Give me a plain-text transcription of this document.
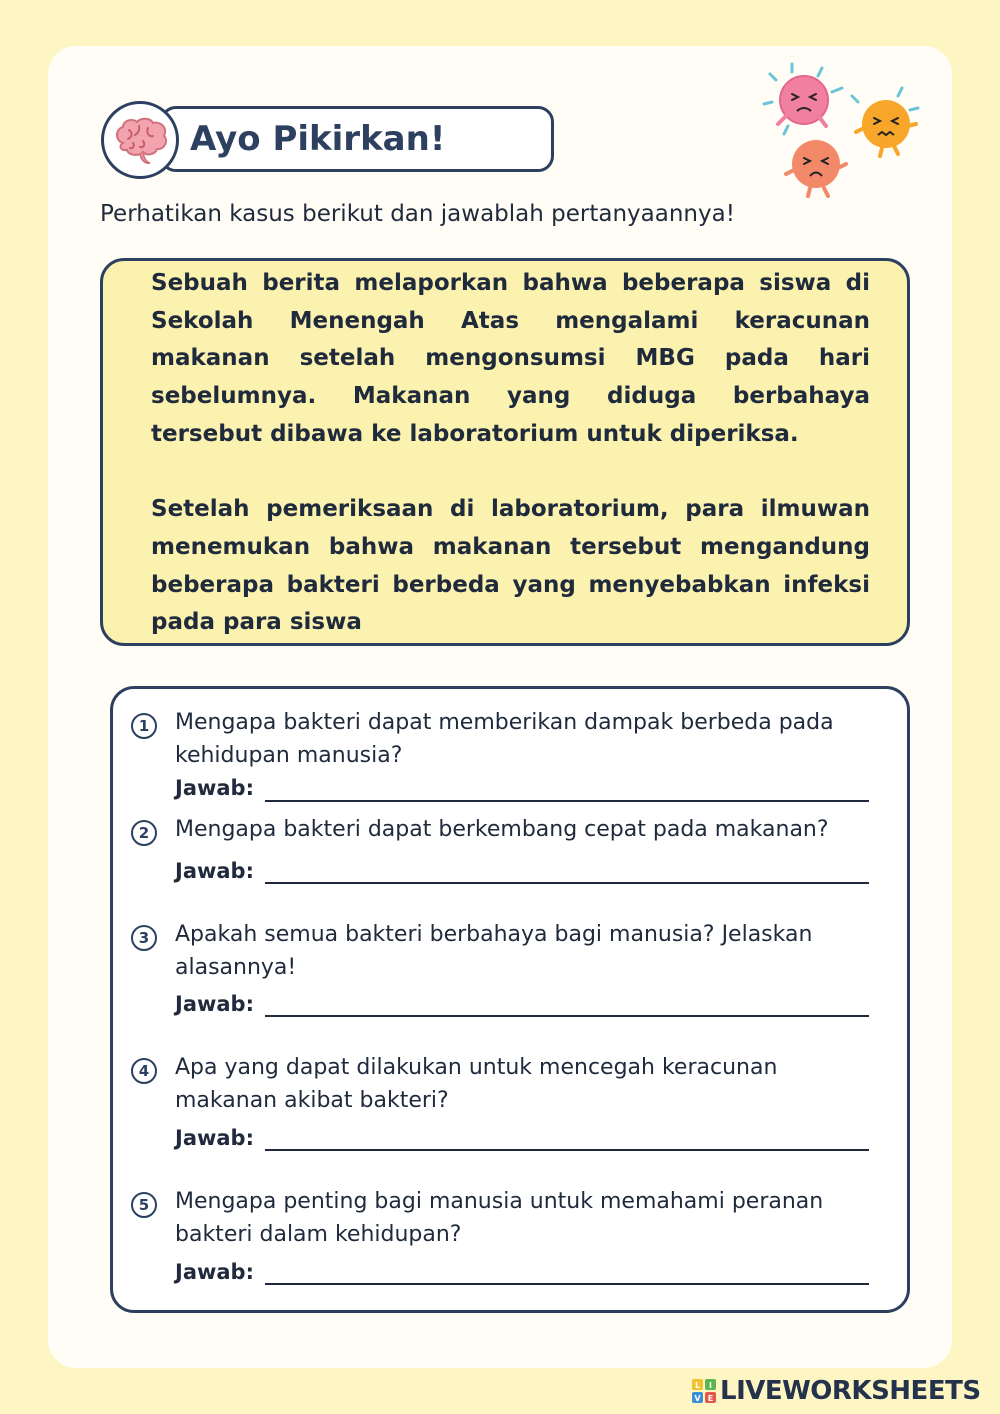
Ayo Pikirkan!
Perhatikan kasus berikut dan jawablah pertanyaannya!

Sebuah berita melaporkan bahwa beberapa siswa di Sekolah Menengah Atas mengalami keracunan makanan setelah mengonsumsi MBG pada hari sebelumnya. Makanan yang diduga berbahaya tersebut dibawa ke laboratorium untuk diperiksa.

Setelah pemeriksaan di laboratorium, para ilmuwan menemukan bahwa makanan tersebut mengandung beberapa bakteri berbeda yang menyebabkan infeksi pada para siswa

1	Mengapa bakteri dapat memberikan dampak berbeda pada kehidupan manusia?
Jawab:
2	Mengapa bakteri dapat berkembang cepat pada makanan?
Jawab:
3	Apakah semua bakteri berbahaya bagi manusia? Jelaskan alasannya!
Jawab:
4	Apa yang dapat dilakukan untuk mencegah keracunan makanan akibat bakteri?
Jawab:
5	Mengapa penting bagi manusia untuk memahami peranan bakteri dalam kehidupan?
Jawab:
L I
V E LIVEWORKSHEETS
